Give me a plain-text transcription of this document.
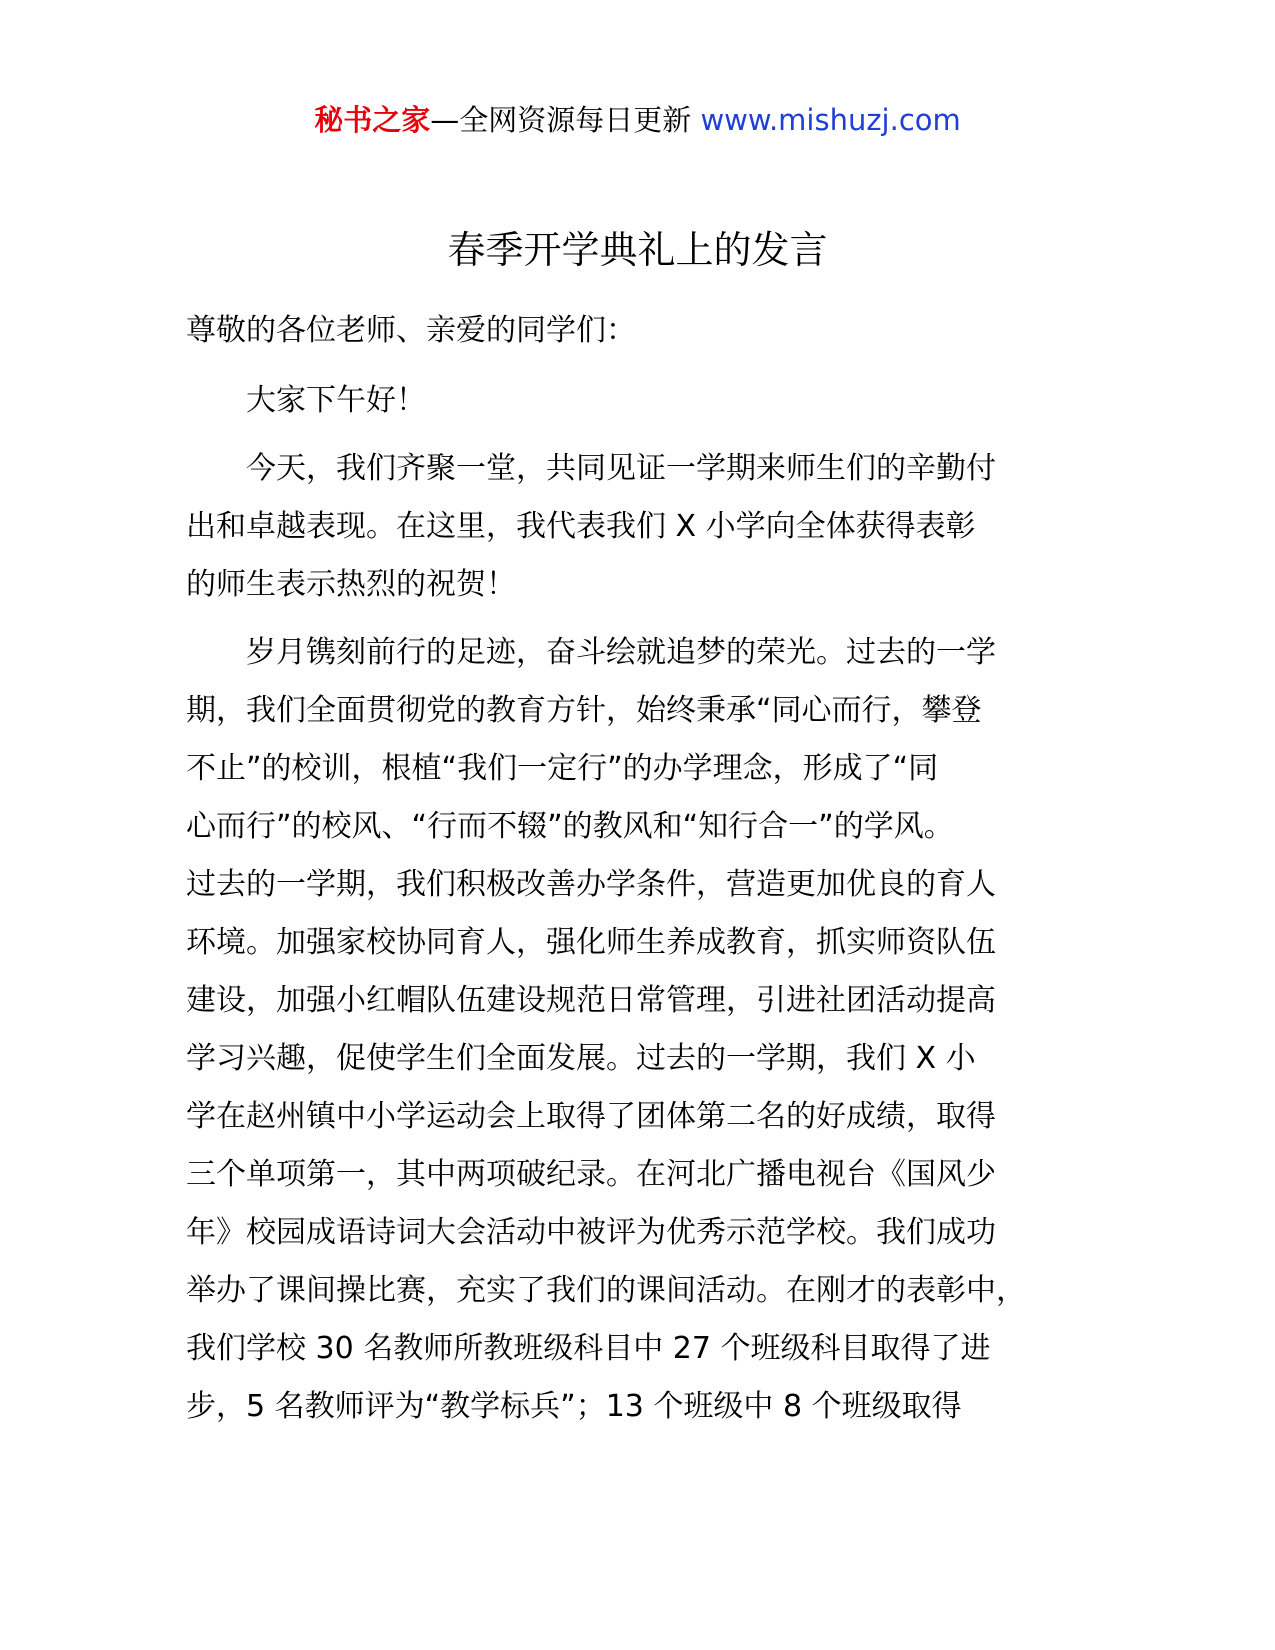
秘书之家—全网资源每日更新 www.mishuzj.com
春季开学典礼上的发言

尊敬的各位老师、亲爱的同学们：

大家下午好！

今天，我们齐聚一堂，共同见证一学期来师生们的辛勤付
出和卓越表现。在这里，我代表我们 X 小学向全体获得表彰
的师生表示热烈的祝贺！

岁月镌刻前行的足迹，奋斗绘就追梦的荣光。过去的一学
期，我们全面贯彻党的教育方针，始终秉承“同心而行，攀登
不止”的校训，根植“我们一定行”的办学理念，形成了“同
心而行”的校风、“行而不辍”的教风和“知行合一”的学风。
过去的一学期，我们积极改善办学条件，营造更加优良的育人
环境。加强家校协同育人，强化师生养成教育，抓实师资队伍
建设，加强小红帽队伍建设规范日常管理，引进社团活动提高
学习兴趣，促使学生们全面发展。过去的一学期，我们 X 小
学在赵州镇中小学运动会上取得了团体第二名的好成绩，取得
三个单项第一，其中两项破纪录。在河北广播电视台《国风少
年》校园成语诗词大会活动中被评为优秀示范学校。我们成功
举办了课间操比赛，充实了我们的课间活动。在刚才的表彰中，
我们学校 30 名教师所教班级科目中 27 个班级科目取得了进
步，5 名教师评为“教学标兵”；13 个班级中 8 个班级取得
